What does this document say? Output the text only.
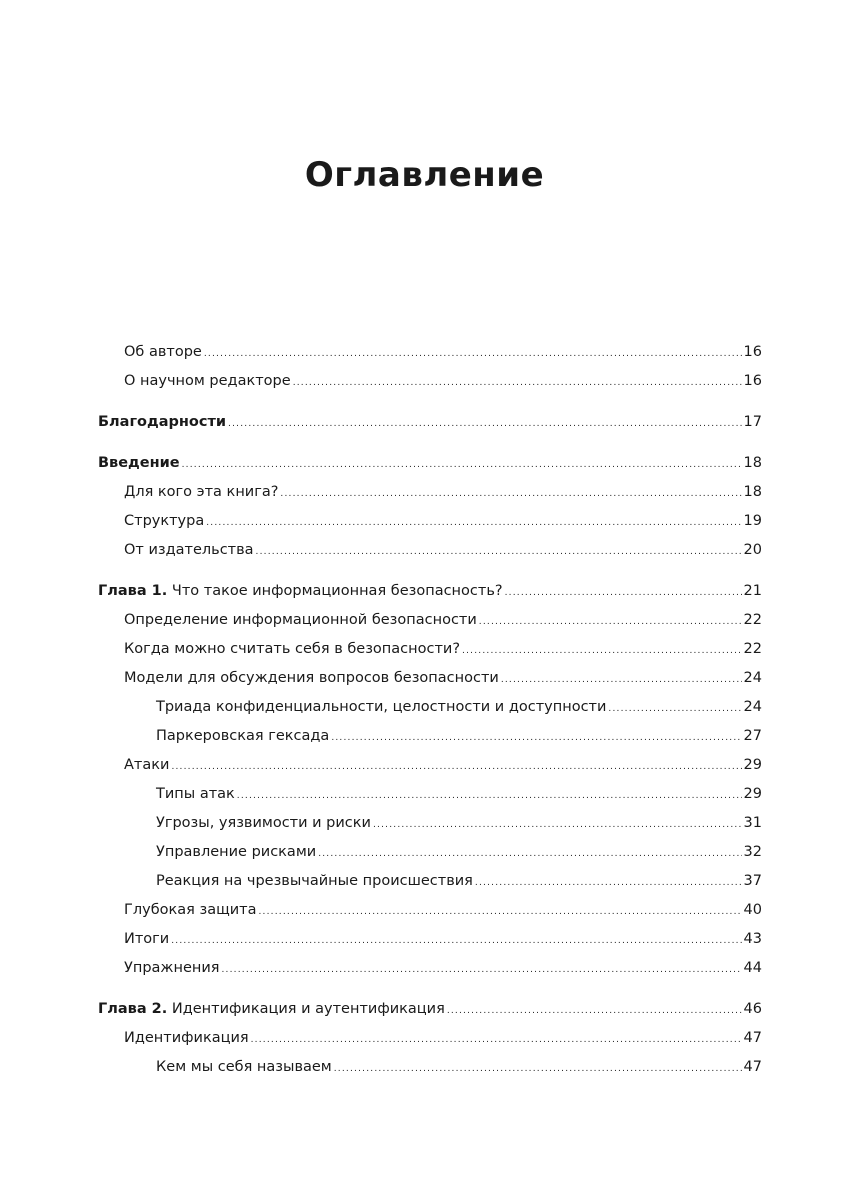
Оглавление
Об авторе .....	16
О научном редакторе .....	16
Благодарности .....	17
Введение .....	18
Для кого эта книга? .....	18
Структура .....	19
От издательства .....	20
Глава 1. Что такое информационная безопасность? .....	21
Определение информационной безопасности .....	22
Когда можно считать себя в безопасности? .....	22
Модели для обсуждения вопросов безопасности .....	24
Триада конфиденциальности, целостности и доступности .....	24
Паркеровская гексада .....	27
Атаки .....	29
Типы атак .....	29
Угрозы, уязвимости и риски .....	31
Управление рисками .....	32
Реакция на чрезвычайные происшествия .....	37
Глубокая защита .....	40
Итоги .....	43
Упражнения .....	44
Глава 2. Идентификация и аутентификация .....	46
Идентификация .....	47
Кем мы себя называем .....	47
